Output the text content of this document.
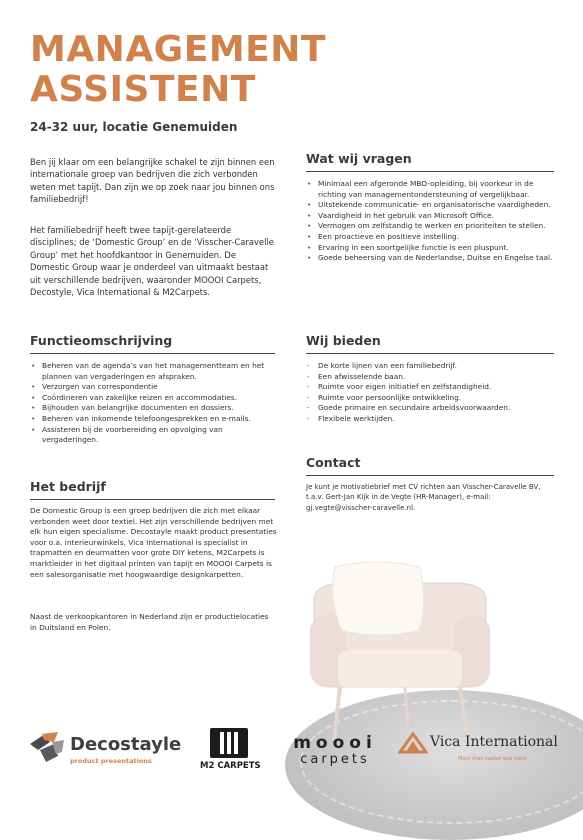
MANAGEMENT
ASSISTENT
24-32 uur, locatie Genemuiden
Ben jij klaar om een belangrijke schakel te zijn binnen een internationale groep van bedrijven die zich verbonden weten met tapijt. Dan zijn we op zoek naar jou binnen ons familiebedrijf!
Het familiebedrijf heeft twee tapijt-gerelateerde disciplines; de ‘Domestic Group’ en de ‘Visscher-Caravelle Group’ met het hoofdkantoor in Genemuiden. De Domestic Group waar je onderdeel van uitmaakt bestaat uit verschillende bedrijven, waaronder MOOOI Carpets, Decostyle, Vica International & M2Carpets.
Functieomschrijving
• Beheren van de agenda’s van het managementteam en het plannen van vergaderingen en afspraken.
• Verzorgen van correspondentie
• Coördineren van zakelijke reizen en accommodaties.
• Bijhouden van belangrijke documenten en dossiers.
• Beheren van inkomende telefoongesprekken en e-mails.
• Assisteren bij de voorbereiding en opvolging van vergaderingen.
Het bedrijf
De Domestic Group is een groep bedrijven die zich met elkaar verbonden weet door textiel. Het zijn verschillende bedrijven met elk hun eigen specialisme. Decostayle maakt product presentaties voor o.a. interieurwinkels, Vica International is specialist in trapmatten en deurmatten voor grote DIY ketens, M2Carpets is marktleider in het digitaal printen van tapijt en MOOOI Carpets is een salesorganisatie met hoogwaardige designkarpetten.
Naast de verkoopkantoren in Nederland zijn er productielocaties in Duitsland en Polen.
Wat wij vragen
• Minimaal een afgeronde MBO-opleiding, bij voorkeur in de richting van managementondersteuning of vergelijkbaar.
• Uitstekende communicatie- en organisatorische vaardigheden.
• Vaardigheid in het gebruik van Microsoft Office.
• Vermogen om zelfstandig te werken en prioriteiten te stellen.
• Een proactieve en positieve instelling.
• Ervaring in een soortgelijke functie is een pluspunt.
• Goede beheersing van de Nederlandse, Duitse en Engelse taal.
Wij bieden
- De korte lijnen van een familiebedrijf.
- Een afwisselende baan.
- Ruimte voor eigen initiatief en zelfstandigheid.
- Ruimte voor persoonlijke ontwikkeling.
- Goede primaire en secundaire arbeidsvoorwaarden.
- Flexibele werktijden.
Contact
Je kunt je motivatiebrief met CV richten aan Visscher-Caravelle BV, t.a.v. Gert-Jan Kijk in de Vegte (HR-Manager), e-mail: gj.vegte@visscher-caravelle.nl.
Decostayle
product presentations	M2 CARPETS
moooi
carpets
Vica International
More than carpet and more
